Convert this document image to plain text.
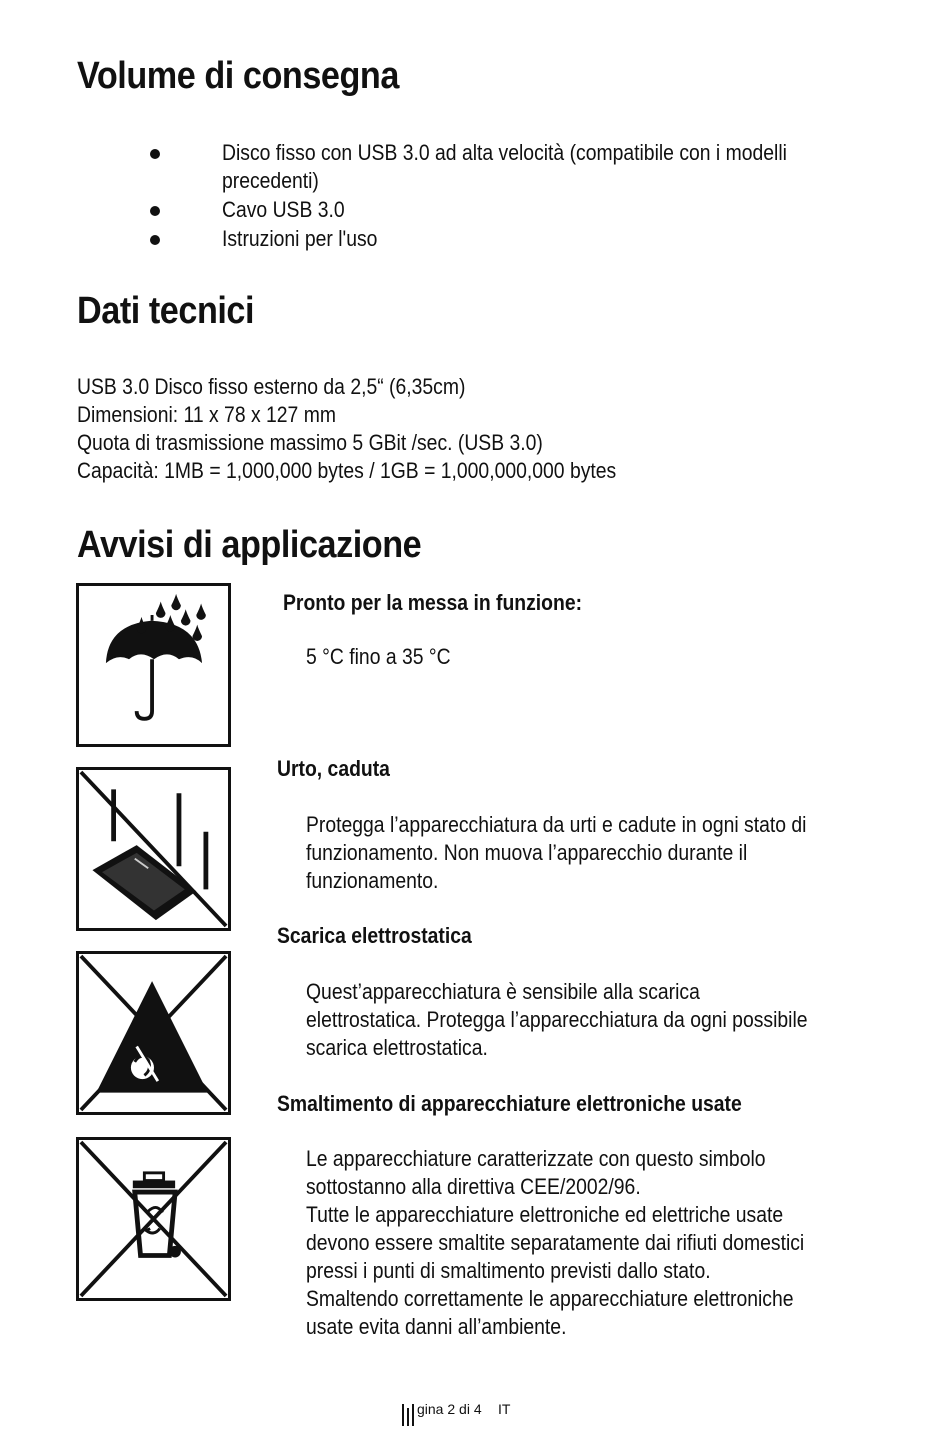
Volume di consegna
Disco fisso con USB 3.0 ad alta velocità (compatibile con i modelli
precedenti)
Cavo USB 3.0
Istruzioni per l'uso
Dati tecnici
USB 3.0 Disco fisso esterno da 2,5“ (6,35cm)
Dimensioni: 11 x 78 x 127 mm
Quota di trasmissione massimo 5 GBit /sec. (USB 3.0)
Capacità: 1MB = 1,000,000 bytes / 1GB = 1,000,000,000 bytes
Avvisi di applicazione
Pronto per la messa in funzione:
5 °C fino a 35 °C
Urto, caduta
Protegga l’apparecchiatura da urti e cadute in ogni stato di
funzionamento. Non muova l’apparecchio durante il
funzionamento.
Scarica elettrostatica
Quest’apparecchiatura è sensibile alla scarica
elettrostatica. Protegga l’apparecchiatura da ogni possibile
scarica elettrostatica.
Smaltimento di apparecchiature elettroniche usate
Le apparecchiature caratterizzate con questo simbolo
sottostanno alla direttiva CEE/2002/96.
Tutte le apparecchiature elettroniche ed elettriche usate
devono essere smaltite separatamente dai rifiuti domestici
pressi i punti di smaltimento previsti dallo stato.
Smaltendo correttamente le apparecchiature elettroniche
usate evita danni all’ambiente.
gina 2 di 4 IT
